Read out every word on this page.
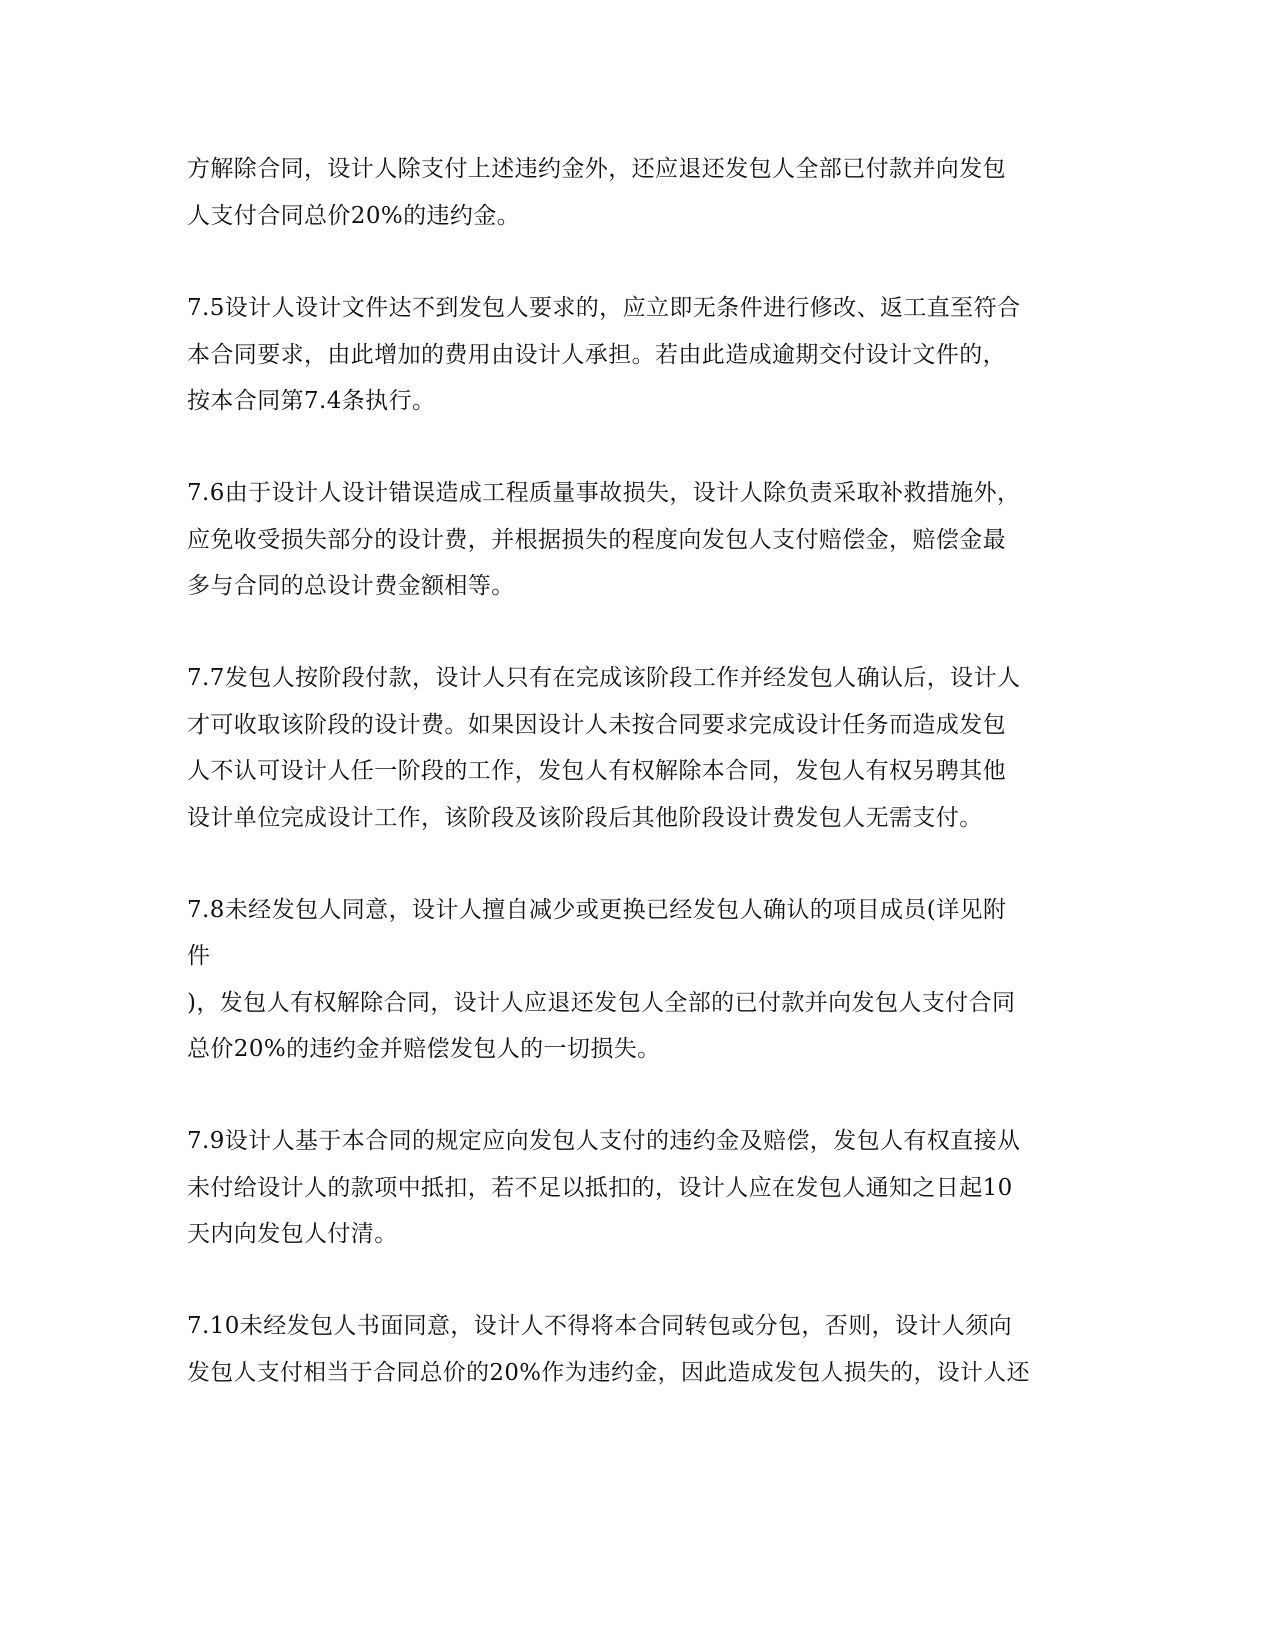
方解除合同，设计人除支付上述违约金外，还应退还发包人全部已付款并向发包
人支付合同总价20%的违约金。
7.5设计人设计文件达不到发包人要求的，应立即无条件进行修改、返工直至符合
本合同要求，由此增加的费用由设计人承担。若由此造成逾期交付设计文件的，
按本合同第7.4条执行。
7.6由于设计人设计错误造成工程质量事故损失，设计人除负责采取补救措施外，
应免收受损失部分的设计费，并根据损失的程度向发包人支付赔偿金，赔偿金最
多与合同的总设计费金额相等。
7.7发包人按阶段付款，设计人只有在完成该阶段工作并经发包人确认后，设计人
才可收取该阶段的设计费。如果因设计人未按合同要求完成设计任务而造成发包
人不认可设计人任一阶段的工作，发包人有权解除本合同，发包人有权另聘其他
设计单位完成设计工作，该阶段及该阶段后其他阶段设计费发包人无需支付。
7.8未经发包人同意，设计人擅自减少或更换已经发包人确认的项目成员(详见附
件
)，发包人有权解除合同，设计人应退还发包人全部的已付款并向发包人支付合同
总价20%的违约金并赔偿发包人的一切损失。
7.9设计人基于本合同的规定应向发包人支付的违约金及赔偿，发包人有权直接从
未付给设计人的款项中抵扣，若不足以抵扣的，设计人应在发包人通知之日起10
天内向发包人付清。
7.10未经发包人书面同意，设计人不得将本合同转包或分包，否则，设计人须向
发包人支付相当于合同总价的20%作为违约金，因此造成发包人损失的，设计人还
